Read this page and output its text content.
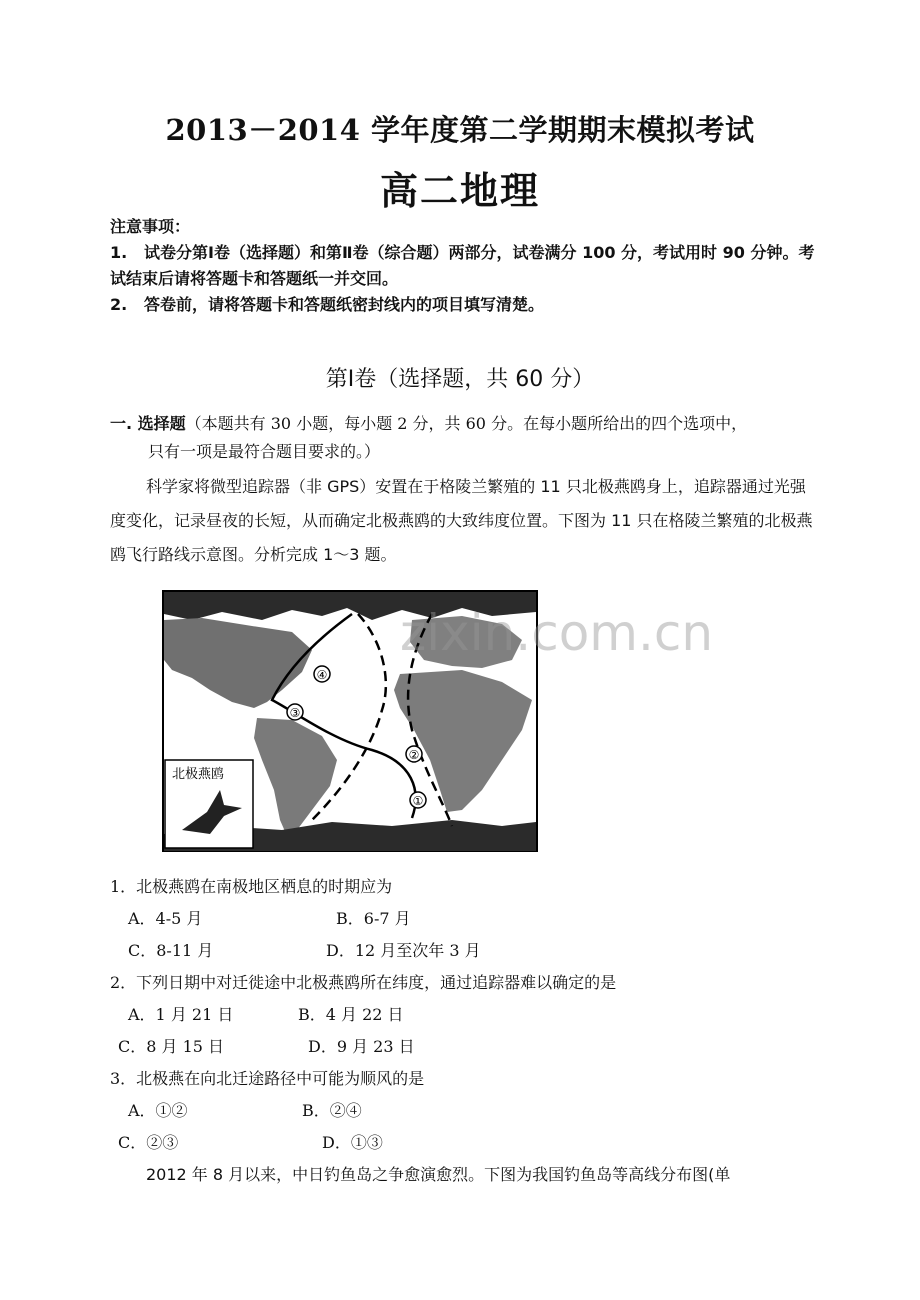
2013－2014 学年度第二学期期末模拟考试
高二地理
注意事项：
1. 试卷分第Ⅰ卷（选择题）和第Ⅱ卷（综合题）两部分，试卷满分 100 分，考试用时 90 分钟。考试结束后请将答题卡和答题纸一并交回。
2. 答卷前，请将答题卡和答题纸密封线内的项目填写清楚。
第Ⅰ卷（选择题，共 60 分）
一. 选择题（本题共有 30 小题，每小题 2 分，共 60 分。在每小题所给出的四个选项中，
只有一项是最符合题目要求的。）
科学家将微型追踪器（非 GPS）安置在于格陵兰繁殖的 11 只北极燕鸥身上，追踪器通过光强度变化，记录昼夜的长短，从而确定北极燕鸥的大致纬度位置。下图为 11 只在格陵兰繁殖的北极燕鸥飞行路线示意图。分析完成 1～3 题。
④
③
②
①
北极燕鸥
zixin.com.cn
1．北极燕鸥在南极地区栖息的时期应为
A．4-5 月	B．6-7 月
C．8-11 月	D．12 月至次年 3 月
2．下列日期中对迁徙途中北极燕鸥所在纬度，通过追踪器难以确定的是
A．1 月 21 日	B．4 月 22 日
C．8 月 15 日	D．9 月 23 日
3．北极燕在向北迁途路径中可能为顺风的是
A．①②	B．②④
C．②③	D．①③
2012 年 8 月以来，中日钓鱼岛之争愈演愈烈。下图为我国钓鱼岛等高线分布图(单
